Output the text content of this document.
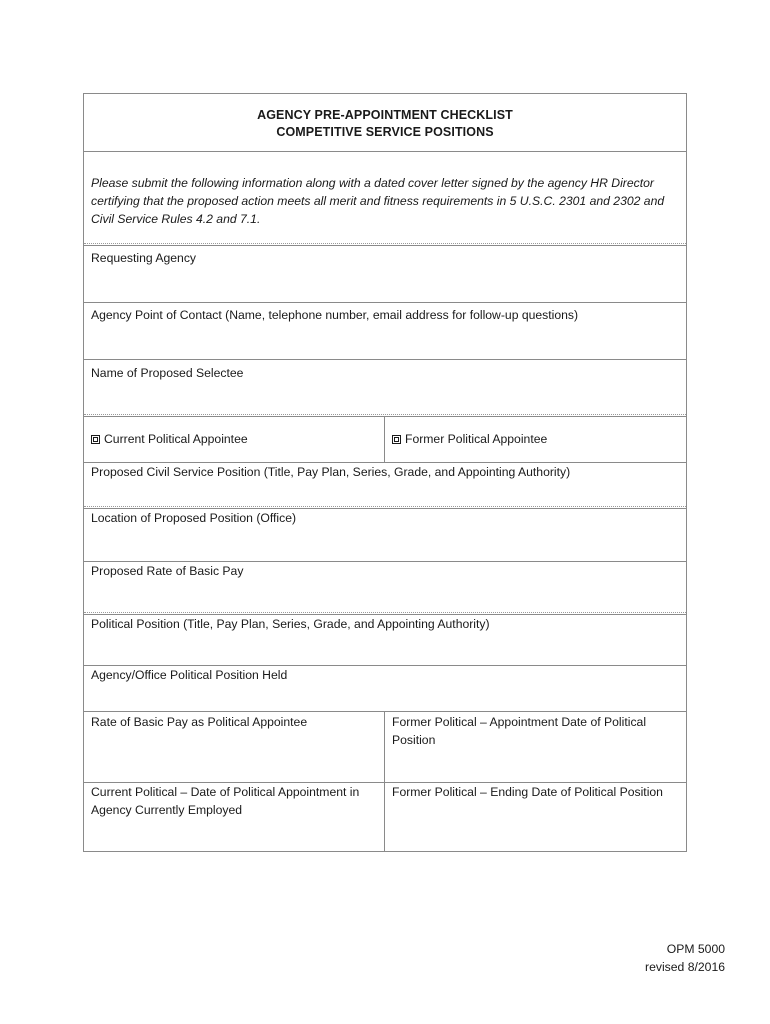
AGENCY PRE-APPOINTMENT CHECKLIST
COMPETITIVE SERVICE POSITIONS
Please submit the following information along with a dated cover letter signed by the agency HR Director certifying that the proposed action meets all merit and fitness requirements in 5 U.S.C. 2301 and 2302 and Civil Service Rules 4.2 and 7.1.
Requesting Agency
Agency Point of Contact (Name, telephone number, email address for follow-up questions)
Name of Proposed Selectee
Current Political Appointee	Former Political Appointee
Proposed Civil Service Position (Title, Pay Plan, Series, Grade, and Appointing Authority)
Location of Proposed Position (Office)
Proposed Rate of Basic Pay
Political Position (Title, Pay Plan, Series, Grade, and Appointing Authority)
Agency/Office Political Position Held
Rate of Basic Pay as Political Appointee	Former Political – Appointment Date of Political Position
Current Political – Date of Political Appointment in Agency Currently Employed
Former Political – Ending Date of Political Position
OPM 5000
revised 8/2016
